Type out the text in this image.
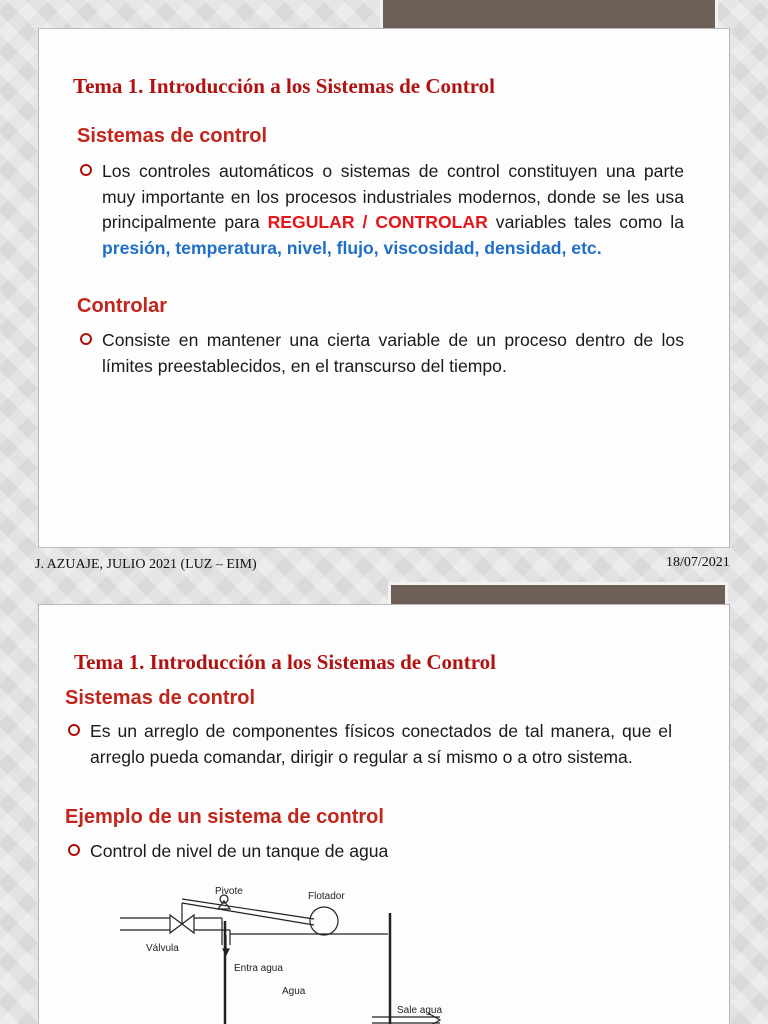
Tema 1. Introducción a los Sistemas de Control
Sistemas de control

Los controles automáticos o sistemas de control constituyen una parte muy importante en los procesos industriales modernos, donde se les usa principalmente para REGULAR / CONTROLAR variables tales como la presión, temperatura, nivel, flujo, viscosidad, densidad, etc.

Controlar

Consiste en mantener una cierta variable de un proceso dentro de los límites preestablecidos, en el transcurso del tiempo.

J. AZUAJE, JULIO 2021 (LUZ – EIM)	18/07/2021
Tema 1. Introducción a los Sistemas de Control
Sistemas de control

Es un arreglo de componentes físicos conectados de tal manera, que el arreglo pueda comandar, dirigir o regular a sí mismo o a otro sistema.

Ejemplo de un sistema de control

Control de nivel de un tanque de agua

Pivote	Flotador
Válvula
Entra agua
Agua
Sale agua
